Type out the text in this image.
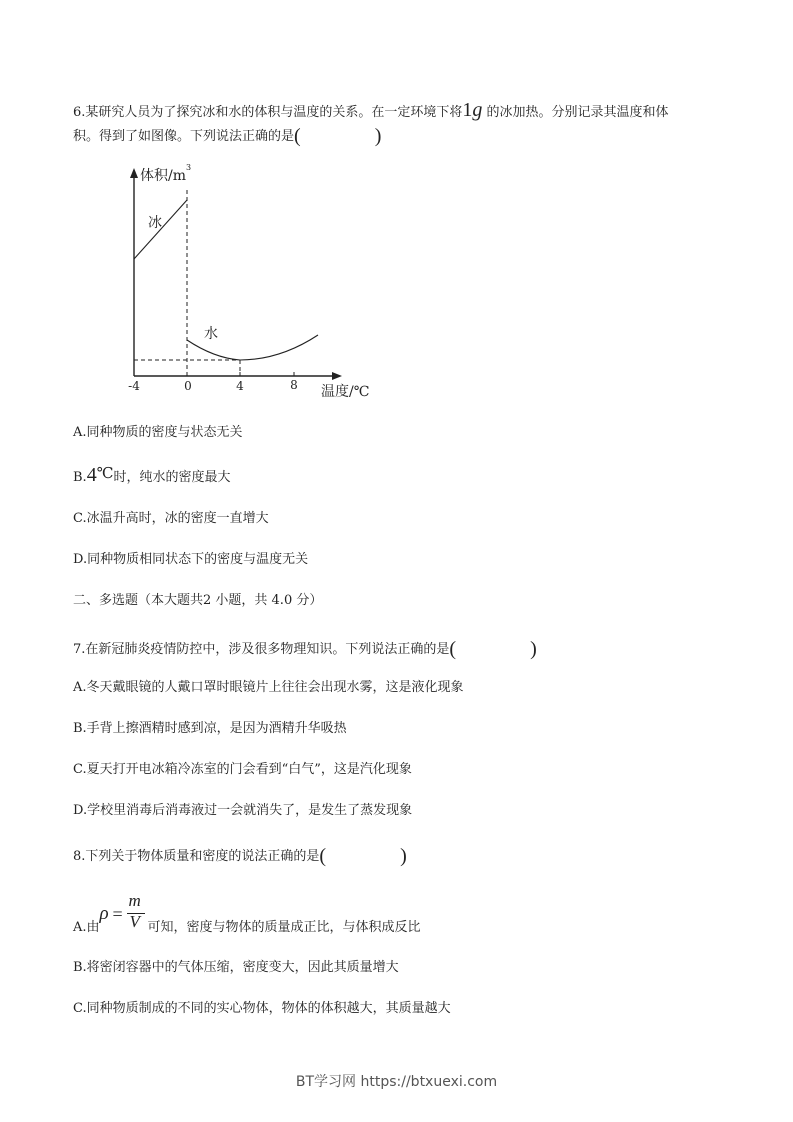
6.某研究人员为了探究冰和水的体积与温度的关系。在一定环境下将1g 的冰加热。分别记录其温度和体
积。得到了如图像。下列说法正确的是(	)
体积/m
3
冰
水
-4	0	4	8 温度/℃
A.同种物质的密度与状态无关
B.4℃时，纯水的密度最大
C.冰温升高时，冰的密度一直增大
D.同种物质相同状态下的密度与温度无关
二、多选题（本大题共2 小题，共 4.0 分）
7.在新冠肺炎疫情防控中，涉及很多物理知识。下列说法正确的是(	)
A.冬天戴眼镜的人戴口罩时眼镜片上往往会出现水雾，这是液化现象
B.手背上擦酒精时感到凉，是因为酒精升华吸热
C.夏天打开电冰箱冷冻室的门会看到“白气”，这是汽化现象
D.学校里消毒后消毒液过一会就消失了，是发生了蒸发现象
8.下列关于物体质量和密度的说法正确的是(	)
A.由
ρ =
m
V 可知，密度与物体的质量成正比，与体积成反比
B.将密闭容器中的气体压缩，密度变大，因此其质量增大
C.同种物质制成的不同的实心物体，物体的体积越大，其质量越大
BT学习网 https://btxuexi.com
